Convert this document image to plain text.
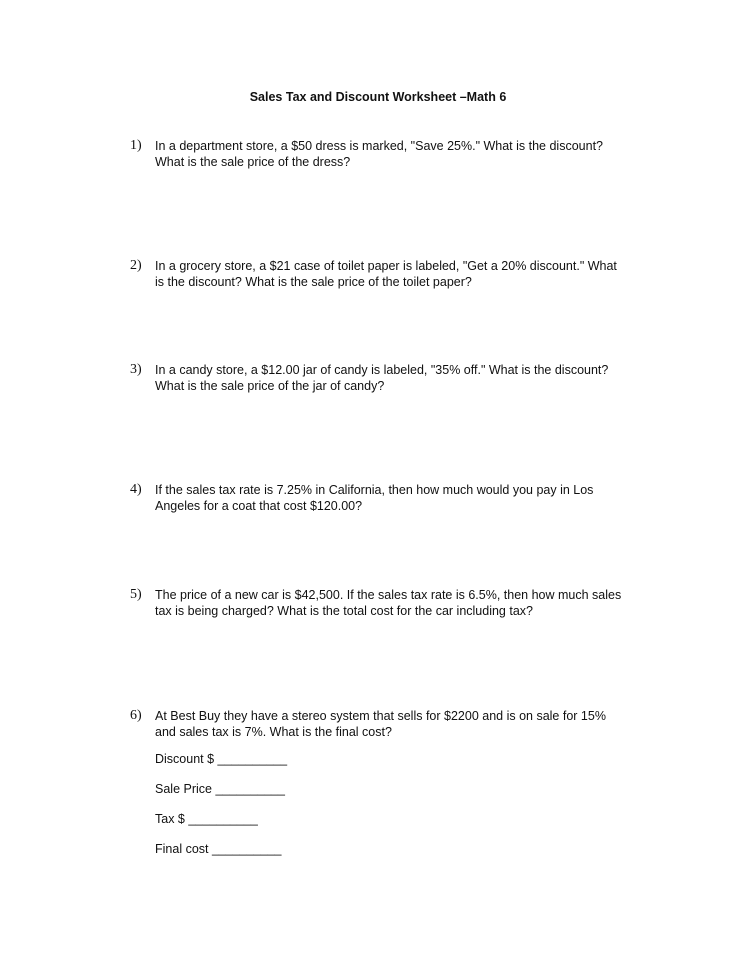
Sales Tax and Discount Worksheet –Math 6
1) In a department store, a $50 dress is marked, "Save 25%." What is the discount?
What is the sale price of the dress?
2) In a grocery store, a $21 case of toilet paper is labeled, "Get a 20% discount." What
is the discount? What is the sale price of the toilet paper?
3) In a candy store, a $12.00 jar of candy is labeled, "35% off." What is the discount?
What is the sale price of the jar of candy?
4) If the sales tax rate is 7.25% in California, then how much would you pay in Los
Angeles for a coat that cost $120.00?
5) The price of a new car is $42,500. If the sales tax rate is 6.5%, then how much sales
tax is being charged? What is the total cost for the car including tax?
6) At Best Buy they have a stereo system that sells for $2200 and is on sale for 15%
and sales tax is 7%. What is the final cost?
Discount $ __________
Sale Price __________
Tax $ __________
Final cost __________
